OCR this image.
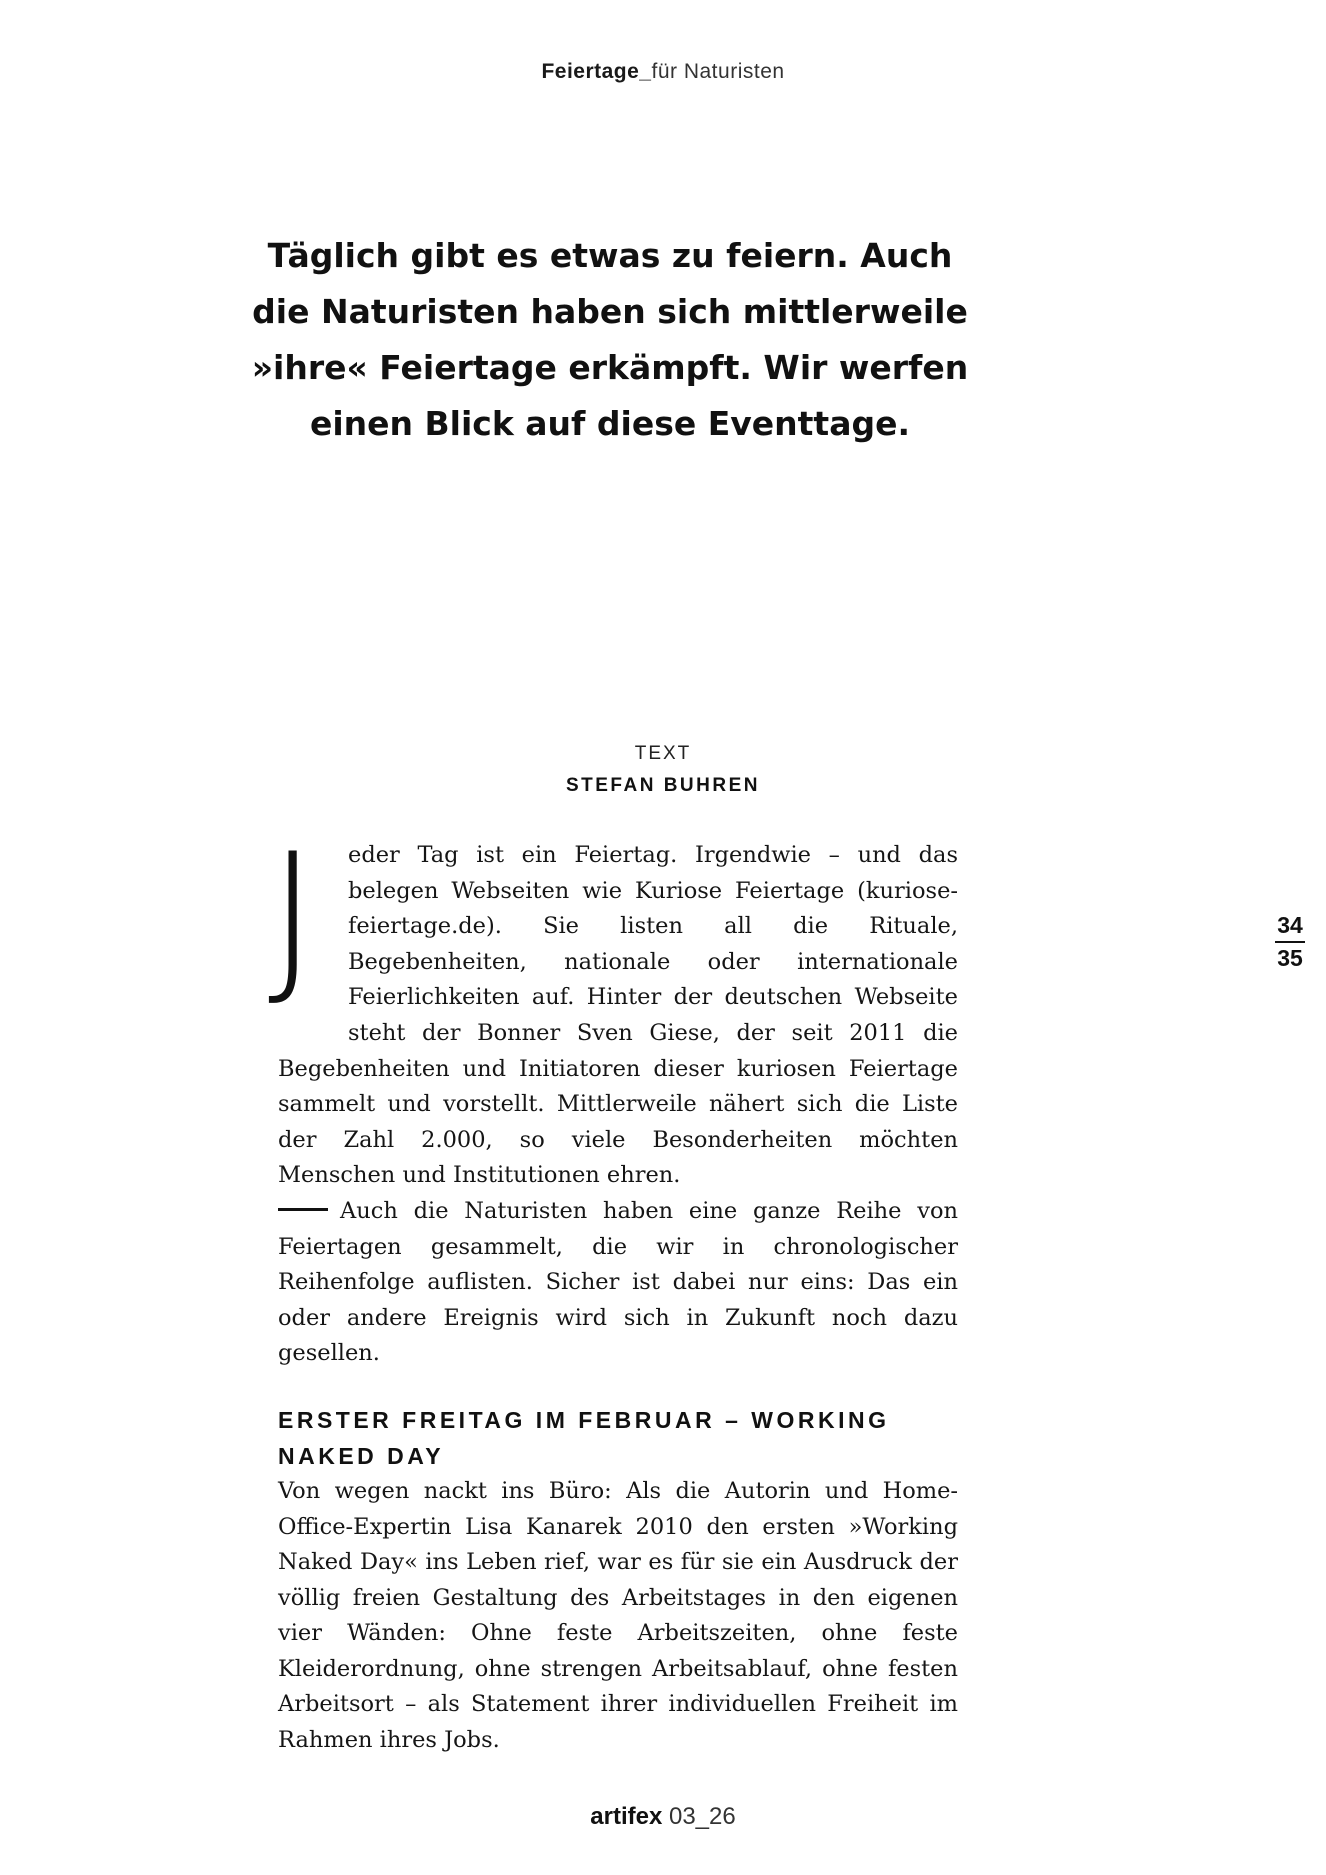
Feiertage_für Naturisten
Täglich gibt es etwas zu feiern. Auch die Naturisten haben sich mittlerweile »ihre« Feiertage erkämpft. Wir werfen einen Blick auf diese Eventtage.
TEXT
STEFAN BUHREN

J	eder Tag ist ein Feiertag. Irgendwie – und das belegen Webseiten wie Kuriose Feiertage (kuriose-feiertage.de). Sie listen all die Rituale, Begebenheiten, nationale oder internationale Feierlichkeiten auf. Hinter der deutschen Webseite steht der Bonner Sven Giese, der seit 2011 die Begebenheiten und Initiatoren dieser kuriosen Feiertage sammelt und vorstellt. Mittlerweile nähert sich die Liste der Zahl 2.000, so viele Besonderheiten möchten Menschen und Institutionen ehren.

Auch die Naturisten haben eine ganze Reihe von Feiertagen gesammelt, die wir in chronologischer Reihenfolge auflisten. Sicher ist dabei nur eins: Das ein oder andere Ereignis wird sich in Zukunft noch dazu gesellen.

ERSTER FREITAG IM FEBRUAR – WORKING NAKED DAY

Von wegen nackt ins Büro: Als die Autorin und Home-Office-Expertin Lisa Kanarek 2010 den ersten »Working Naked Day« ins Leben rief, war es für sie ein Ausdruck der völlig freien Gestaltung des Arbeitstages in den eigenen vier Wänden: Ohne feste Arbeitszeiten, ohne feste Kleiderordnung, ohne strengen Arbeitsablauf, ohne festen Arbeitsort – als Statement ihrer individuellen Freiheit im Rahmen ihres Jobs.

34
35
artifex 03_26
